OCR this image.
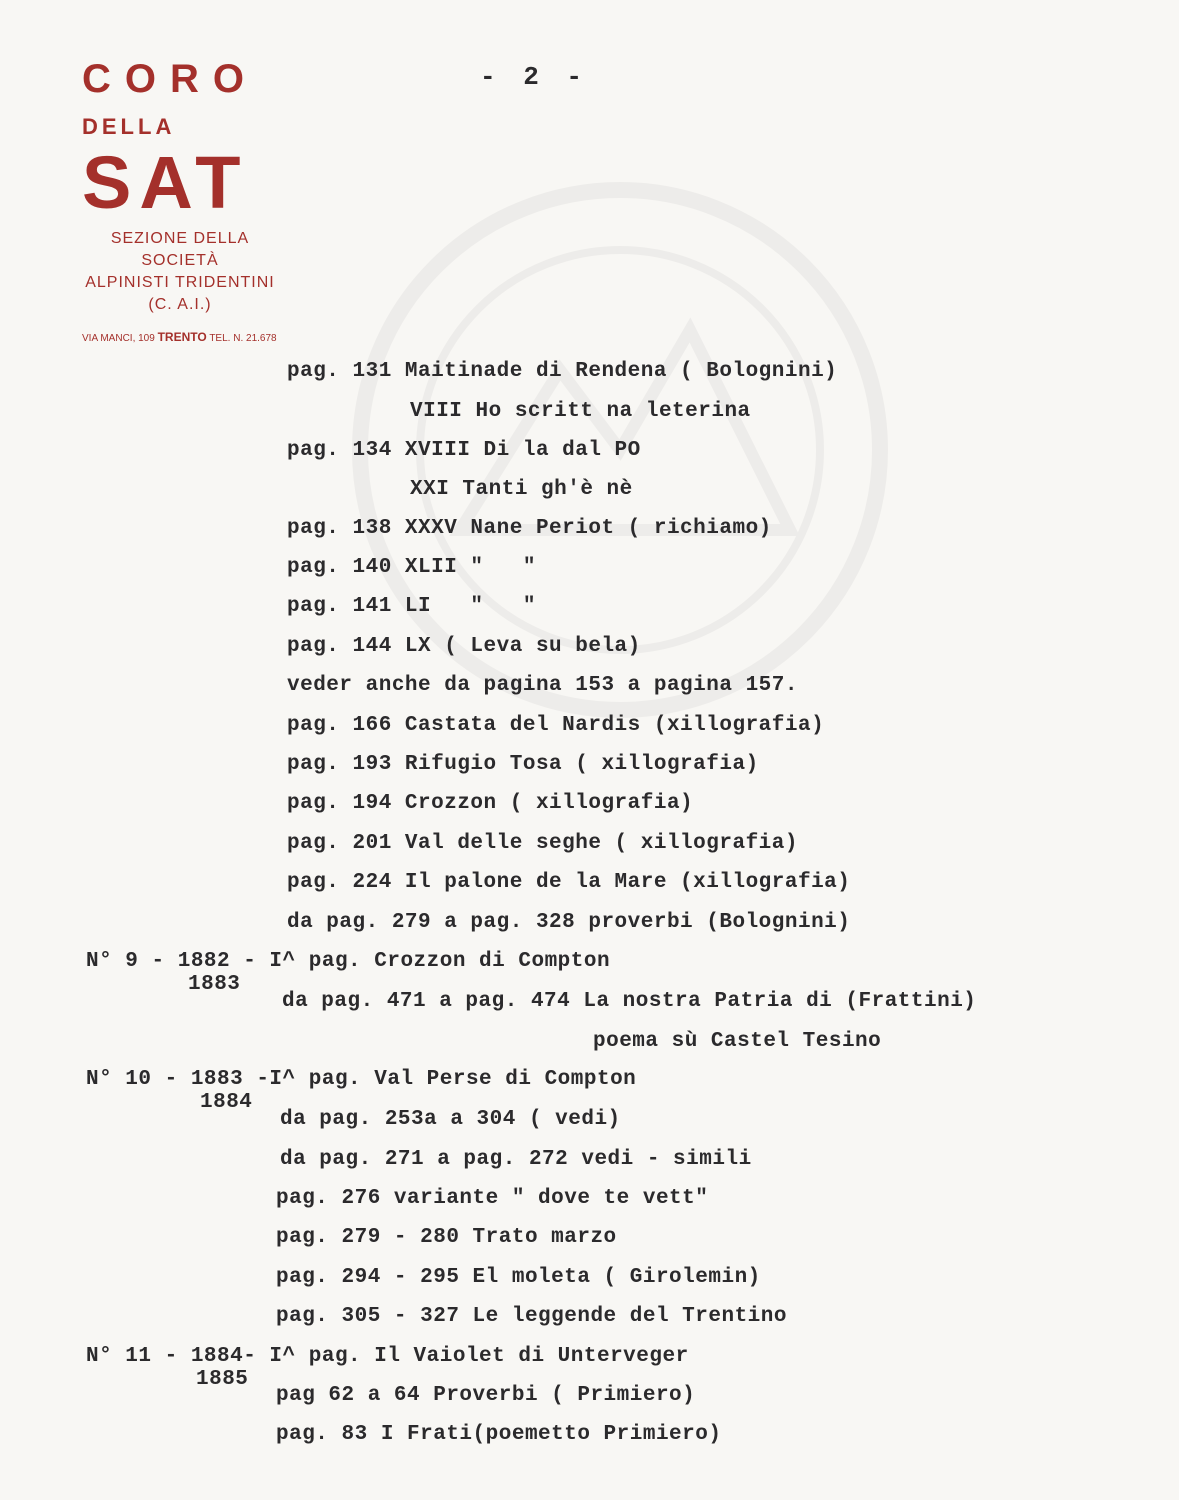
CORO
DELLA
SAT
SEZIONE DELLA SOCIETÀ
ALPINISTI TRIDENTINI
(C. A.I.)
VIA MANCI, 109 TRENTO TEL. N. 21.678
- 2 -
pag. 131 Maitinade di Rendena ( Bolognini)
VIII Ho scritt na leterina
pag. 134 XVIII Di la dal PO
XXI Tanti gh'è nè
pag. 138 XXXV Nane Periot ( richiamo)
pag. 140 XLII "   "
pag. 141 LI   "   "
pag. 144 LX ( Leva su bela)
veder anche da pagina 153 a pagina 157.
pag. 166 Castata del Nardis (xillografia)
pag. 193 Rifugio Tosa ( xillografia)
pag. 194 Crozzon ( xillografia)
pag. 201 Val delle seghe ( xillografia)
pag. 224 Il palone de la Mare (xillografia)
da pag. 279 a pag. 328 proverbi (Bolognini)
N° 9 - 1882 - I^ pag. Crozzon di Compton
1883
da pag. 471 a pag. 474 La nostra Patria di (Frattini)
poema sù Castel Tesino
N° 10 - 1883 -I^ pag. Val Perse di Compton
1884
da pag. 253a a 304 ( vedi)
da pag. 271 a pag. 272 vedi - simili
pag. 276 variante " dove te vett"
pag. 279 - 280 Trato marzo
pag. 294 - 295 El moleta ( Girolemin)
pag. 305 - 327 Le leggende del Trentino
N° 11 - 1884- I^ pag. Il Vaiolet di Unterveger
1885
pag 62 a 64 Proverbi ( Primiero)
pag. 83 I Frati(poemetto Primiero)
